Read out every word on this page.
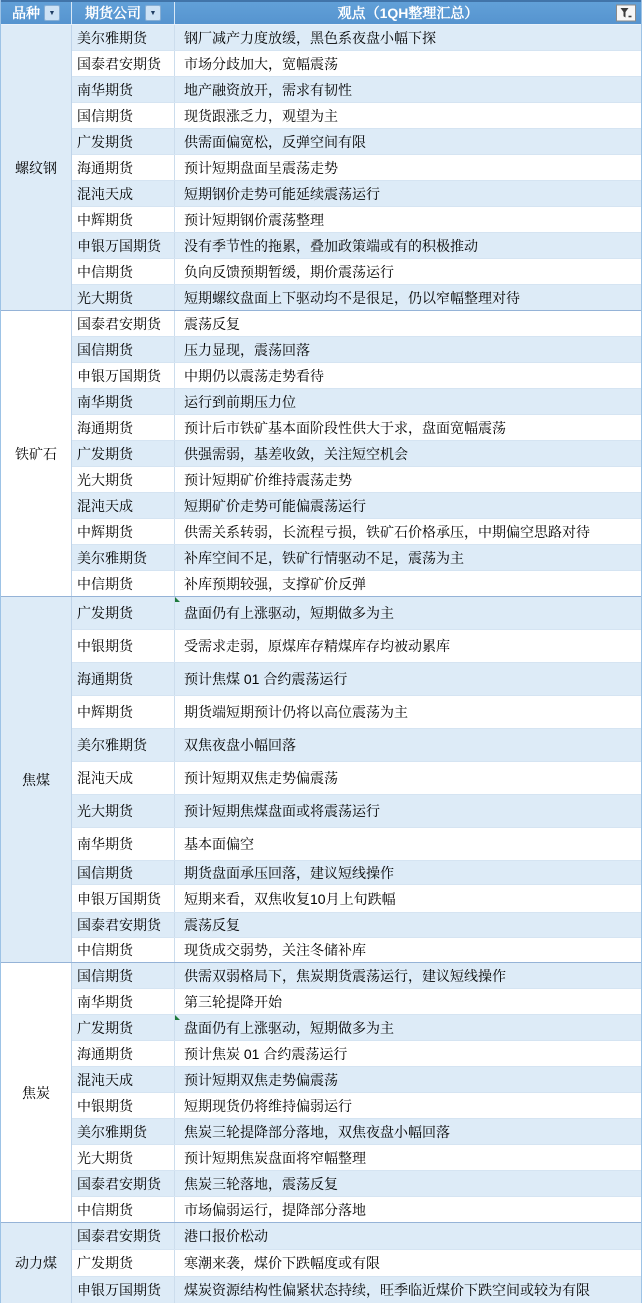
品种 ▼ 期货公司 ▼	观点（1QH整理汇总）
螺纹钢
美尔雅期货	钢厂减产力度放缓，黑色系夜盘小幅下探
国泰君安期货 市场分歧加大，宽幅震荡
南华期货	地产融资放开，需求有韧性
国信期货	现货跟涨乏力，观望为主
广发期货	供需面偏宽松，反弹空间有限
海通期货	预计短期盘面呈震荡走势
混沌天成	短期钢价走势可能延续震荡运行
中辉期货	预计短期钢价震荡整理
申银万国期货 没有季节性的拖累，叠加政策端或有的积极推动
中信期货	负向反馈预期暂缓，期价震荡运行
光大期货	短期螺纹盘面上下驱动均不是很足，仍以窄幅整理对待
铁矿石
国泰君安期货 震荡反复
国信期货	压力显现，震荡回落
申银万国期货 中期仍以震荡走势看待
南华期货	运行到前期压力位
海通期货	预计后市铁矿基本面阶段性供大于求，盘面宽幅震荡
广发期货	供强需弱，基差收敛，关注短空机会
光大期货	预计短期矿价维持震荡走势
混沌天成	短期矿价走势可能偏震荡运行
中辉期货	供需关系转弱，长流程亏损，铁矿石价格承压，中期偏空思路对待
美尔雅期货	补库空间不足，铁矿行情驱动不足，震荡为主
中信期货	补库预期较强，支撑矿价反弹
焦煤
广发期货	盘面仍有上涨驱动，短期做多为主
中银期货	受需求走弱，原煤库存精煤库存均被动累库
海通期货	预计焦煤 01 合约震荡运行
中辉期货	期货端短期预计仍将以高位震荡为主
美尔雅期货	双焦夜盘小幅回落
混沌天成	预计短期双焦走势偏震荡
光大期货	预计短期焦煤盘面或将震荡运行
南华期货	基本面偏空
国信期货	期货盘面承压回落，建议短线操作
申银万国期货 短期来看，双焦收复10月上旬跌幅
国泰君安期货 震荡反复
中信期货	现货成交弱势，关注冬储补库
焦炭
国信期货	供需双弱格局下，焦炭期货震荡运行，建议短线操作
南华期货	第三轮提降开始
广发期货	盘面仍有上涨驱动，短期做多为主
海通期货	预计焦炭 01 合约震荡运行
混沌天成	预计短期双焦走势偏震荡
中银期货	短期现货仍将维持偏弱运行
美尔雅期货	焦炭三轮提降部分落地，双焦夜盘小幅回落
光大期货	预计短期焦炭盘面将窄幅整理
国泰君安期货 焦炭三轮落地，震荡反复
中信期货	市场偏弱运行，提降部分落地
动力煤
国泰君安期货 港口报价松动
广发期货	寒潮来袭，煤价下跌幅度或有限
申银万国期货 煤炭资源结构性偏紧状态持续，旺季临近煤价下跌空间或较为有限
